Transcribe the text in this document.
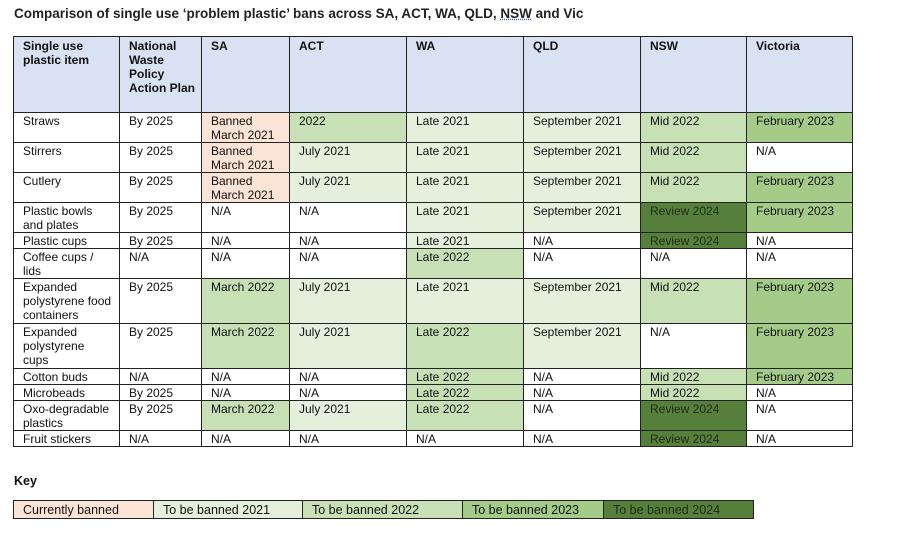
Comparison of single use ‘problem plastic’ bans across SA, ACT, WA, QLD, NSW and Vic
Single use plastic item	National Waste Policy Action Plan	SA	ACT	WA	QLD	NSW	Victoria
Straws	By 2025	Banned March 2021	2022	Late 2021	September 2021	Mid 2022	February 2023
Stirrers	By 2025	Banned March 2021	July 2021	Late 2021	September 2021	Mid 2022	N/A
Cutlery	By 2025	Banned March 2021	July 2021	Late 2021	September 2021	Mid 2022	February 2023
Plastic bowls and plates	By 2025	N/A	N/A	Late 2021	September 2021	Review 2024	February 2023
Plastic cups	By 2025	N/A	N/A	Late 2021	N/A	Review 2024	N/A
Coffee cups / lids	N/A	N/A	N/A	Late 2022	N/A	N/A	N/A
Expanded polystyrene food containers	By 2025	March 2022	July 2021	Late 2021	September 2021	Mid 2022	February 2023
Expanded polystyrene cups	By 2025	March 2022	July 2021	Late 2022	September 2021	N/A	February 2023
Cotton buds	N/A	N/A	N/A	Late 2022	N/A	Mid 2022	February 2023
Microbeads	By 2025	N/A	N/A	Late 2022	N/A	Mid 2022	N/A
Oxo-degradable plastics	By 2025	March 2022	July 2021	Late 2022	N/A	Review 2024	N/A
Fruit stickers	N/A	N/A	N/A	N/A	N/A	Review 2024	N/A
Key
Currently banned	To be banned 2021	To be banned 2022	To be banned 2023	To be banned 2024
